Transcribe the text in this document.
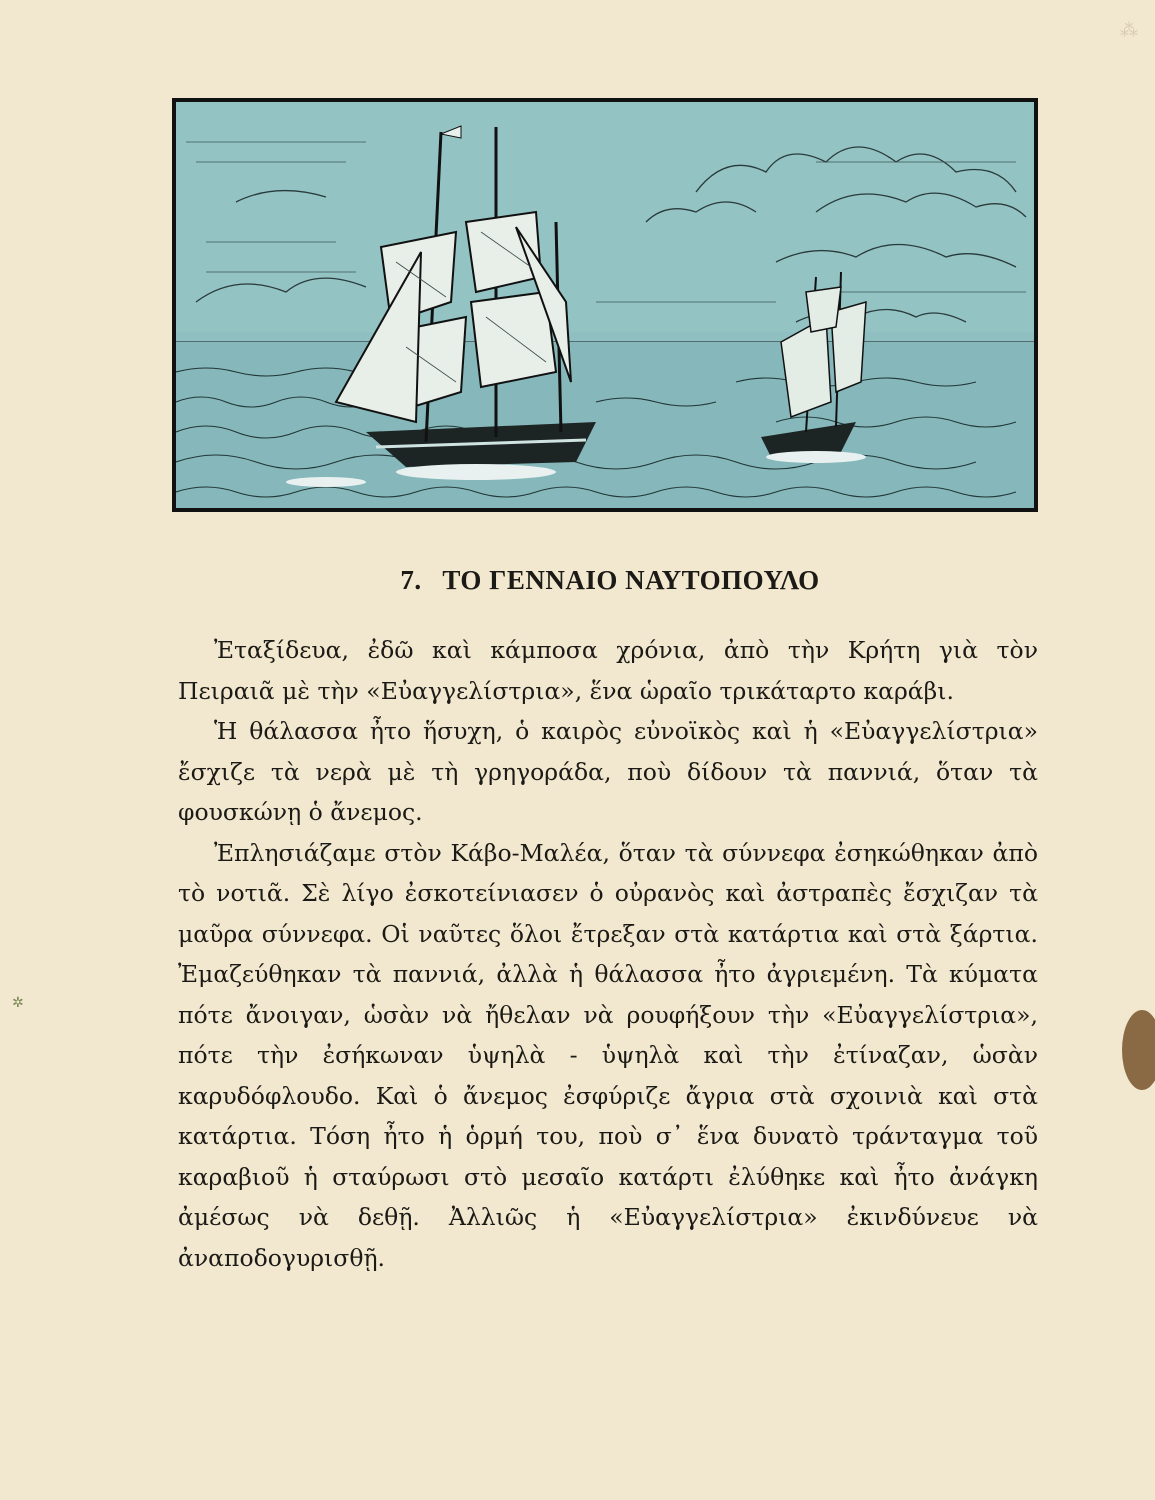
⁂
7. ΤΟ ΓΕΝΝΑΙΟ ΝΑΥΤΟΠΟΥΛΟ

Ἐταξίδευα, ἐδῶ καὶ κάμποσα χρόνια, ἀπὸ τὴν Κρήτη γιὰ τὸν Πειραιᾶ μὲ τὴν «Εὐαγγελίστρια», ἕνα ὡραῖο τρικάταρτο καράβι.

Ἡ θάλασσα ἦτο ἥσυχη, ὁ καιρὸς εὐνοϊκὸς καὶ ἡ «Εὐαγγελίστρια» ἔσχιζε τὰ νερὰ μὲ τὴ γρηγοράδα, ποὺ δίδουν τὰ παννιά, ὅταν τὰ φουσκώνῃ ὁ ἄνεμος.

Ἐπλησιάζαμε στὸν Κάβο-Μαλέα, ὅταν τὰ σύννεφα ἐσηκώθηκαν ἀπὸ τὸ νοτιᾶ. Σὲ λίγο ἐσκοτείνιασεν ὁ οὐρανὸς καὶ ἀστραπὲς ἔσχιζαν τὰ μαῦρα σύννεφα. Οἱ ναῦτες ὅλοι ἔτρεξαν στὰ κατάρτια καὶ στὰ ξάρτια. Ἐμαζεύθηκαν τὰ παννιά, ἀλλὰ ἡ θάλασσα ἦτο ἀγριεμένη. Τὰ κύματα πότε ἄνοιγαν, ὡσὰν νὰ ἤθελαν νὰ ρουφήξουν τὴν «Εὐαγγελίστρια», πότε τὴν ἐσήκωναν ὑψηλὰ - ὑψηλὰ καὶ τὴν ἐτίναζαν, ὡσὰν καρυδόφλουδο. Καὶ ὁ ἄνεμος ἐσφύριζε ἄγρια στὰ σχοινιὰ καὶ στὰ κατάρτια. Τόση ἦτο ἡ ὁρμή του, ποὺ σ᾽ ἕνα δυνατὸ τράνταγμα τοῦ καραβιοῦ ἡ σταύρωσι στὸ μεσαῖο κατάρτι ἐλύθηκε καὶ ἦτο ἀνάγκη ἀμέσως νὰ δεθῇ. Ἀλλιῶς ἡ «Εὐαγγελίστρια» ἐκινδύνευε νὰ ἀναποδογυρισθῇ.

✲
